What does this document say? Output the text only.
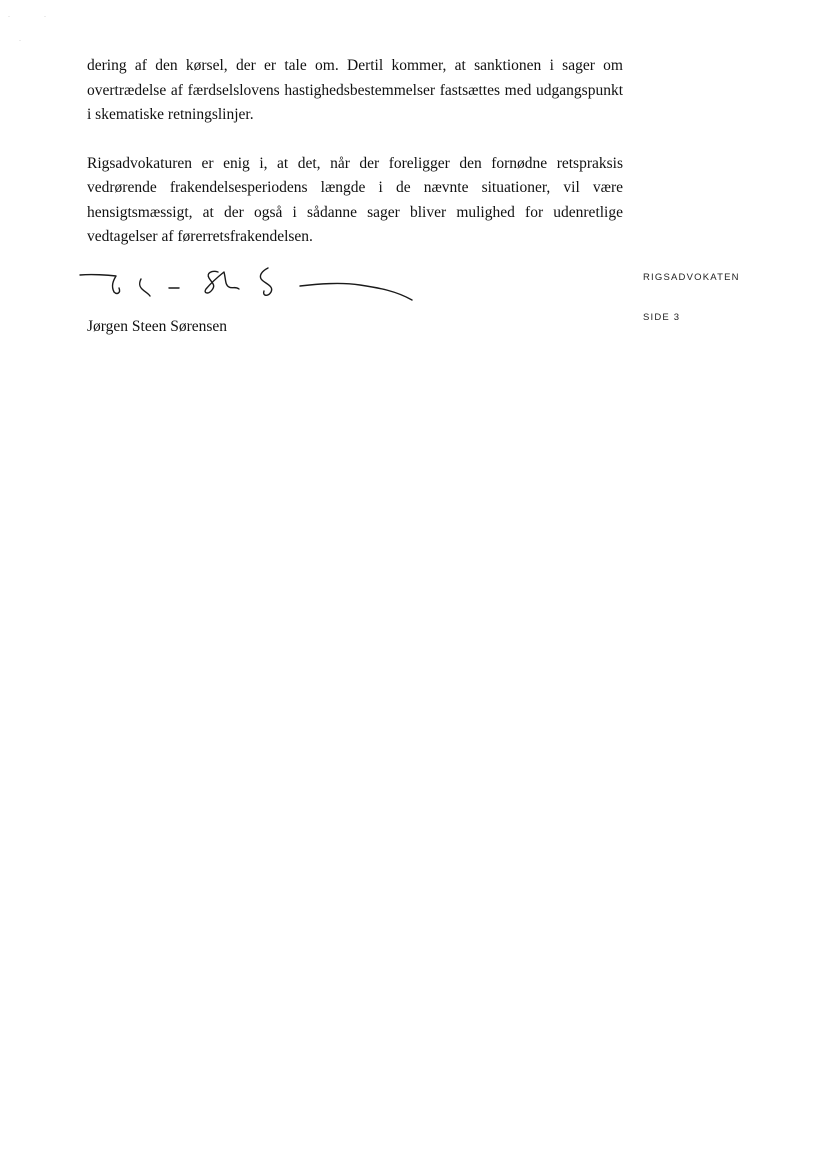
·	·
·

dering af den kørsel, der er tale om. Dertil kommer, at sanktionen i sager om overtrædelse af færdselslovens hastighedsbestemmelser fastsættes med udgangspunkt i skematiske retningslinjer.

Rigsadvokaturen er enig i, at det, når der foreligger den fornødne retspraksis vedrørende frakendelsesperiodens længde i de nævnte situationer, vil være hensigtsmæssigt, at der også i sådanne sager bliver mulighed for udenretlige vedtagelser af førerretsfrakendelsen.

Jørgen Steen Sørensen

RIGSADVOKATEN

SIDE 3
